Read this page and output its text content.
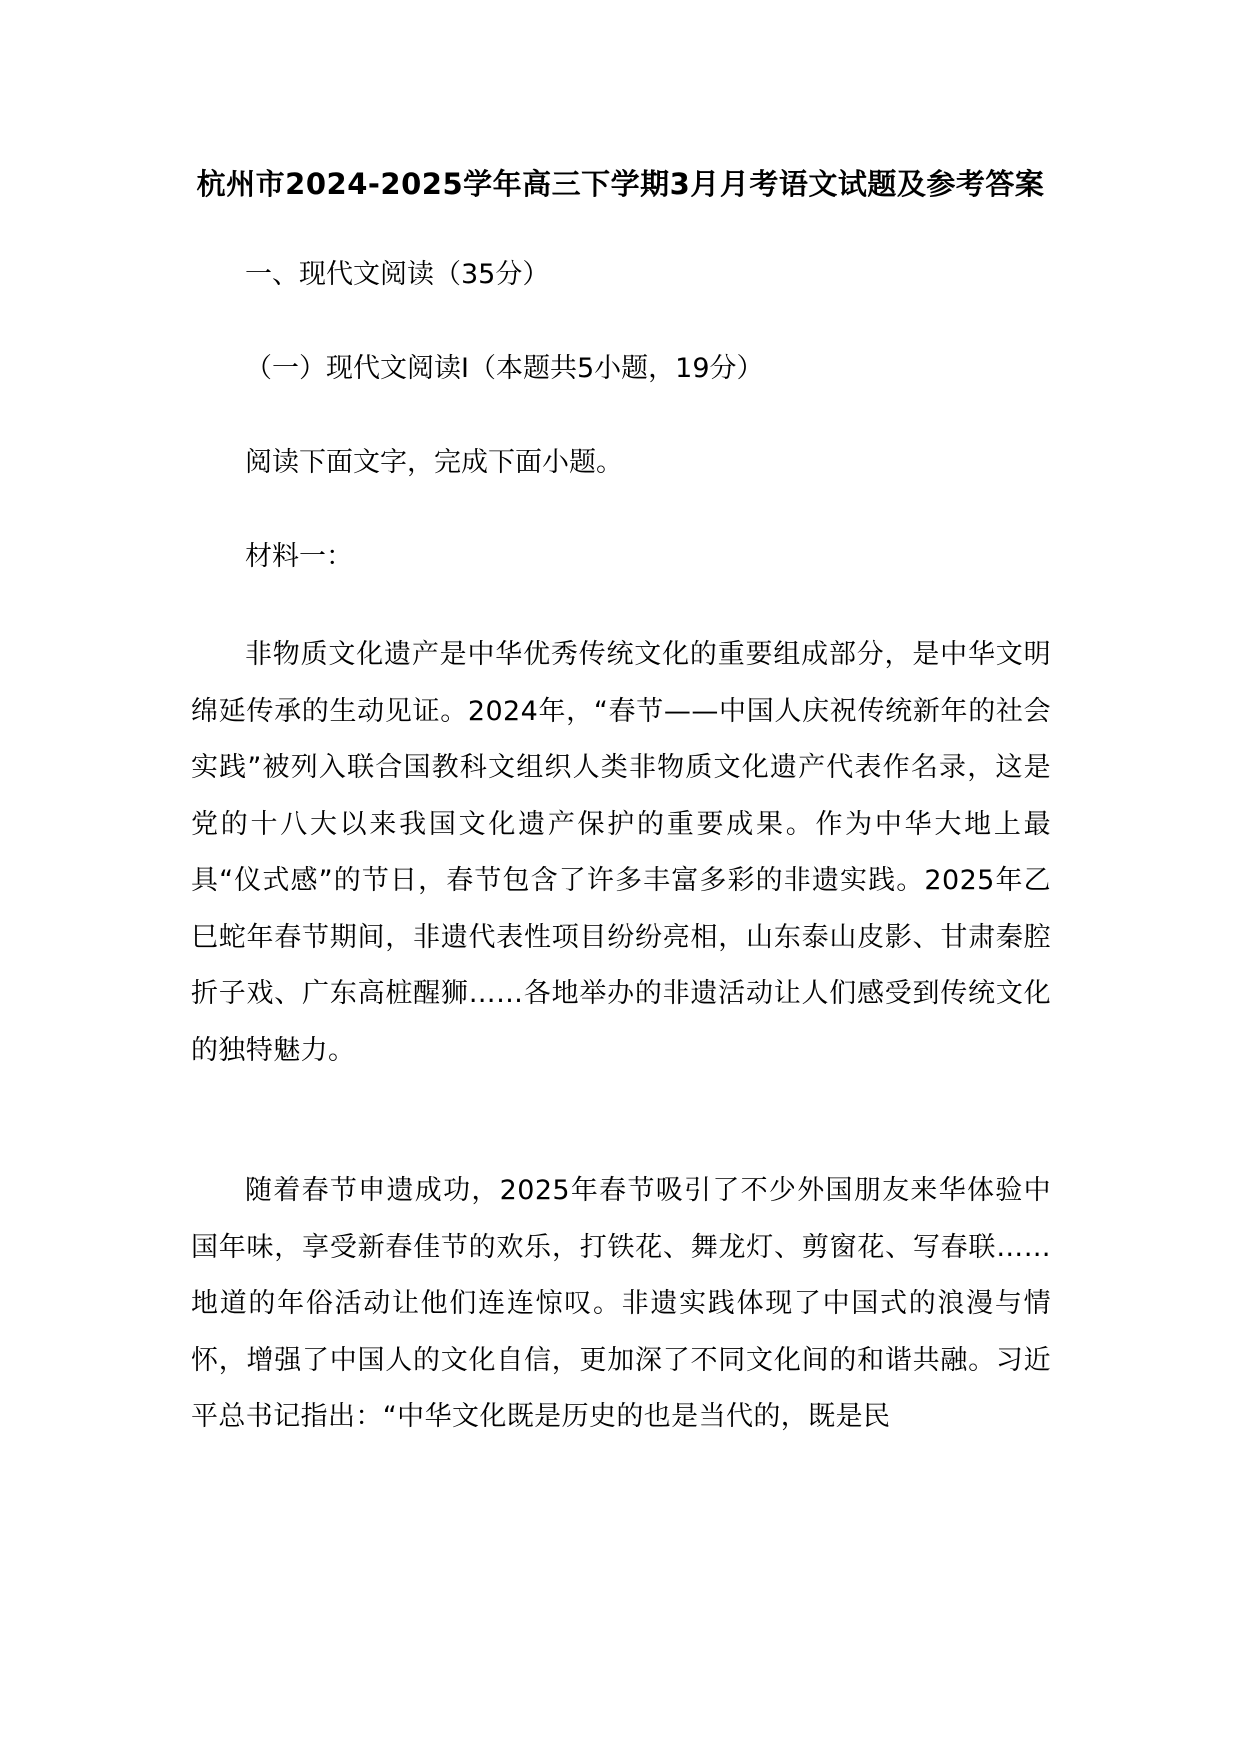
杭州市2024-2025学年高三下学期3月月考语文试题及参考答案
一、现代文阅读（35分）
（一）现代文阅读Ⅰ（本题共5小题，19分）
阅读下面文字，完成下面小题。
材料一：

非物质文化遗产是中华优秀传统文化的重要组成部分，是中华文明绵延传承的生动见证。2024年，“春节——中国人庆祝传统新年的社会实践”被列入联合国教科文组织人类非物质文化遗产代表作名录，这是党的十八大以来我国文化遗产保护的重要成果。作为中华大地上最具“仪式感”的节日，春节包含了许多丰富多彩的非遗实践。2025年乙巳蛇年春节期间，非遗代表性项目纷纷亮相，山东泰山皮影、甘肃秦腔折子戏、广东高桩醒狮……各地举办的非遗活动让人们感受到传统文化的独特魅力。

随着春节申遗成功，2025年春节吸引了不少外国朋友来华体验中国年味，享受新春佳节的欢乐，打铁花、舞龙灯、剪窗花、写春联……地道的年俗活动让他们连连惊叹。非遗实践体现了中国式的浪漫与情怀，增强了中国人的文化自信，更加深了不同文化间的和谐共融。习近平总书记指出：“中华文化既是历史的也是当代的，既是民
